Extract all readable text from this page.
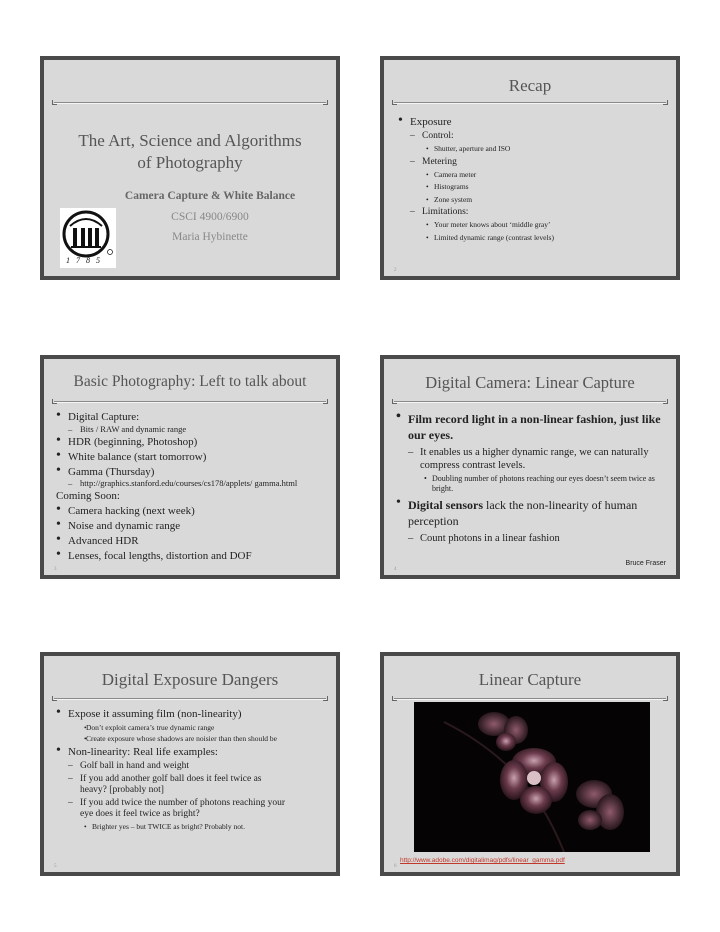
The Art, Science and Algorithms
of Photography
Camera Capture & White Balance
CSCI 4900/6900
Maria Hybinette
1 7 8 5
Recap
• Exposure
– Control:
• Shutter, aperture and ISO
– Metering
• Camera meter
• Histograms
• Zone system
– Limitations:
• Your meter knows about ‘middle gray’
• Limited dynamic range (contrast levels)
2
Basic Photography: Left to talk about
• Digital Capture:
– Bits / RAW and dynamic range
• HDR (beginning, Photoshop)
• White balance (start tomorrow)
• Gamma (Thursday)
– http://graphics.stanford.edu/courses/cs178/applets/ gamma.html
Coming Soon:
• Camera hacking (next week)
• Noise and dynamic range
• Advanced HDR
• Lenses, focal lengths, distortion and DOF
3
Digital Camera: Linear Capture
• Film record light in a non-linear fashion, just like our eyes.
– It enables us a higher dynamic range, we can naturally compress contrast levels.
• Doubling number of photons reaching our eyes doesn’t seem twice as bright.
• Digital sensors lack the non-linearity of human perception
– Count photons in a linear fashion
Bruce Fraser
4
Digital Exposure Dangers
• Expose it assuming film (non-linearity)
• Don’t exploit camera’s true dynamic range
• Create exposure whose shadows are noisier than then should be
• Non-linearity: Real life examples:
– Golf ball in hand and weight
– If you add another golf ball does it feel twice as heavy? [probably not]
– If you add twice the number of photons reaching your eye does it feel twice as bright?
• Brighter yes – but TWICE as bright? Probably not.
5
Linear Capture
http://www.adobe.com/digitalimag/pdfs/linear_gamma.pdf
6
